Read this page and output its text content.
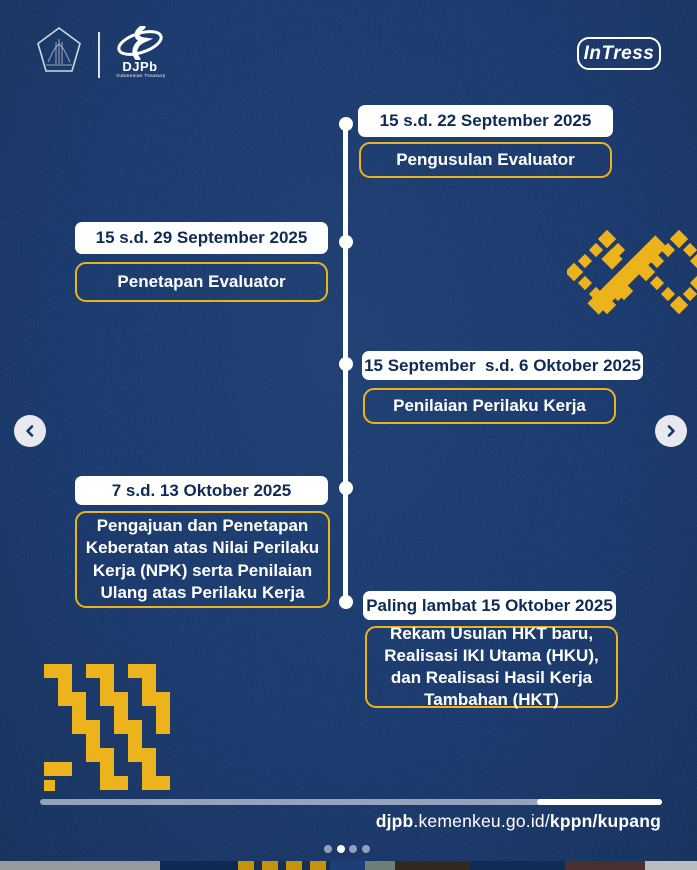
DJPb
Indonesian Treasury
InTress
15 s.d. 22 September 2025
Pengusulan Evaluator
15 s.d. 29 September 2025
Penetapan Evaluator
15 September  s.d. 6 Oktober 2025
Penilaian Perilaku Kerja
7 s.d. 13 Oktober 2025
Pengajuan dan Penetapan Keberatan atas Nilai Perilaku Kerja (NPK) serta Penilaian Ulang atas Perilaku Kerja
Paling lambat 15 Oktober 2025
Rekam Usulan HKT baru, Realisasi IKI Utama (HKU), dan Realisasi Hasil Kerja Tambahan (HKT)
djpb.kemenkeu.go.id/kppn/kupang
